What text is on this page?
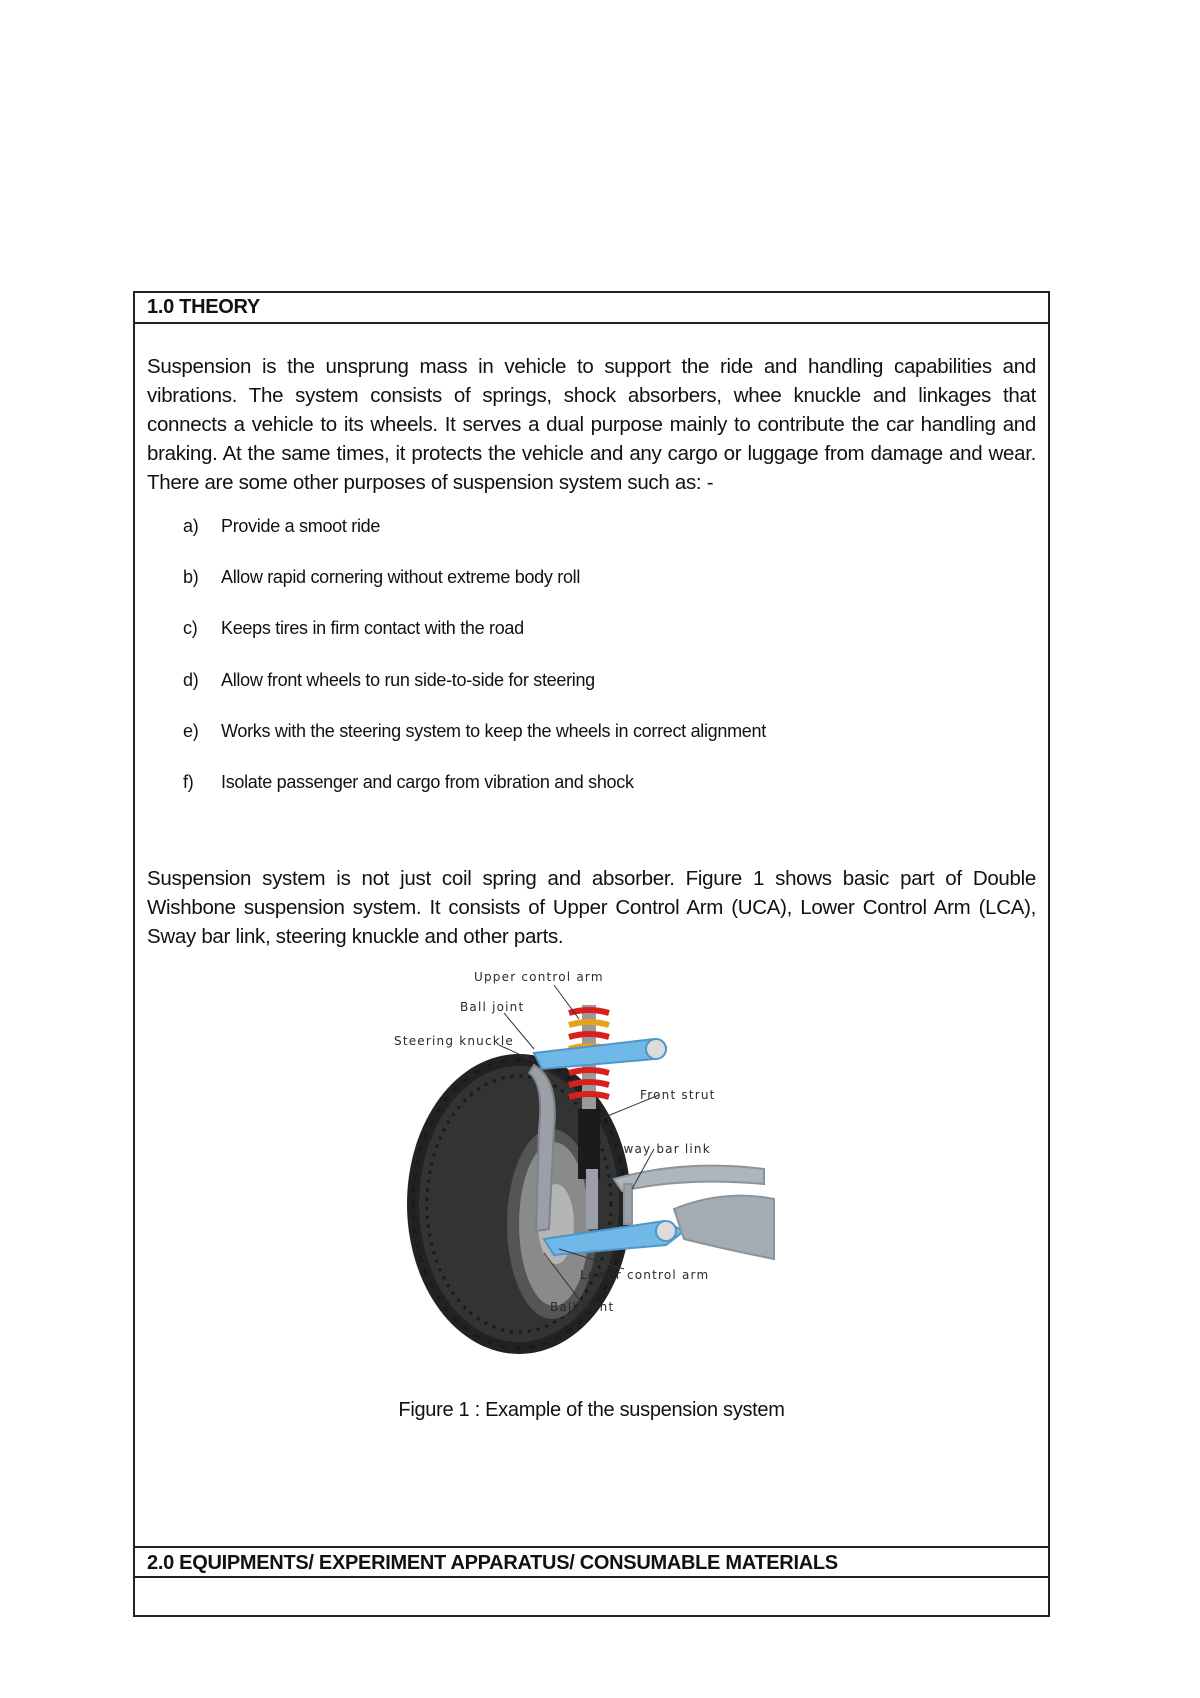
1.0 THEORY
Suspension is the unsprung mass in vehicle to support the ride and handling capabilities and vibrations. The system consists of springs, shock absorbers, whee knuckle and linkages that connects a vehicle to its wheels. It serves a dual purpose mainly to contribute the car handling and braking. At the same times, it protects the vehicle and any cargo or luggage from damage and wear. There are some other purposes of suspension system such as: -
a)	Provide a smoot ride
b)	Allow rapid cornering without extreme body roll
c)	Keeps tires in firm contact with the road
d)	Allow front wheels to run side-to-side for steering
e)	Works with the steering system to keep the wheels in correct alignment
f)	Isolate passenger and cargo from vibration and shock
Suspension system is not just coil spring and absorber. Figure 1 shows basic part of Double Wishbone suspension system. It consists of Upper Control Arm (UCA), Lower Control Arm (LCA), Sway bar link, steering knuckle and other parts.
Upper control arm
Ball joint
Steering knuckle
Front strut
sway bar link
Lower control arm
Ball joint
Figure 1 : Example of the suspension system
2.0 EQUIPMENTS/ EXPERIMENT APPARATUS/ CONSUMABLE MATERIALS
